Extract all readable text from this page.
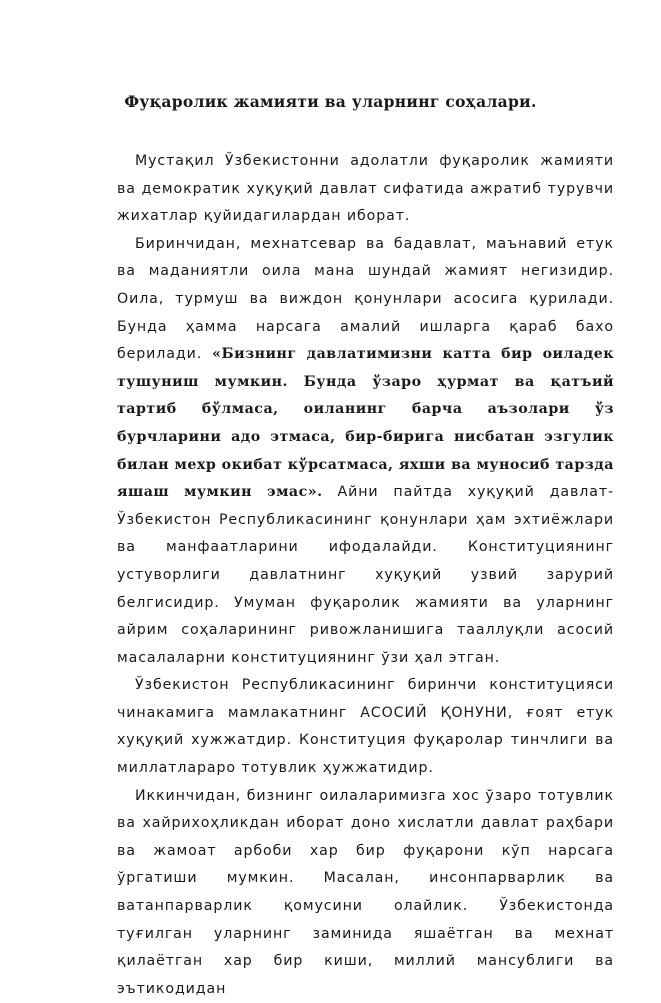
Фуқаролик жамияти ва уларнинг соҳалари.

Мустақил Ўзбекистонни адолатли фуқаролик жамияти ва демократик хуқуқий давлат сифатида ажратиб турувчи жихатлар қуйидагилардан иборат.

Биринчидан, мехнатсевар ва бадавлат, маънавий етук ва маданиятли оила мана шундай жамият негизидир. Оила, турмуш ва виждон қонунлари асосига қурилади. Бунда ҳамма нарсага амалий ишларга қараб бахо берилади. «Бизнинг давлатимизни катта бир оиладек тушуниш мумкин. Бунда ўзаро ҳурмат ва қатъий тартиб бўлмаса, оиланинг барча аъзолари ўз бурчларини адо этмаса, бир-бирига нисбатан эзгулик билан мехр окибат кўрсатмаса, яхши ва муносиб тарзда яшаш мумкин эмас». Айни пайтда хуқуқий давлат-Ўзбекистон Республикасининг қонунлари ҳам эхтиёжлари ва манфаатларини ифодалайди. Конституциянинг устуворлиги давлатнинг хуқуқий узвий зарурий белгисидир. Умуман фуқаролик жамияти ва уларнинг айрим соҳаларининг ривожланишига тааллуқли асосий масалаларни конституциянинг ўзи ҳал этган.

Ўзбекистон Республикасининг биринчи конституцияси чинакамига мамлакатнинг АСОСИЙ ҚОНУНИ, ғоят етук хуқуқий хужжатдир. Конституция фуқаролар тинчлиги ва миллатлараро тотувлик ҳужжатидир.

Иккинчидан, бизнинг оилаларимизга хос ўзаро тотувлик ва хайрихоҳликдан иборат доно хислатли давлат раҳбари ва жамоат арбоби хар бир фуқарони кўп нарсага ўргатиши мумкин. Масалан, инсонпарварлик ва ватанпарварлик қомусини олайлик. Ўзбекистонда туғилган уларнинг заминида яшаётган ва мехнат қилаётган хар бир киши, миллий мансублиги ва эътикодидан
